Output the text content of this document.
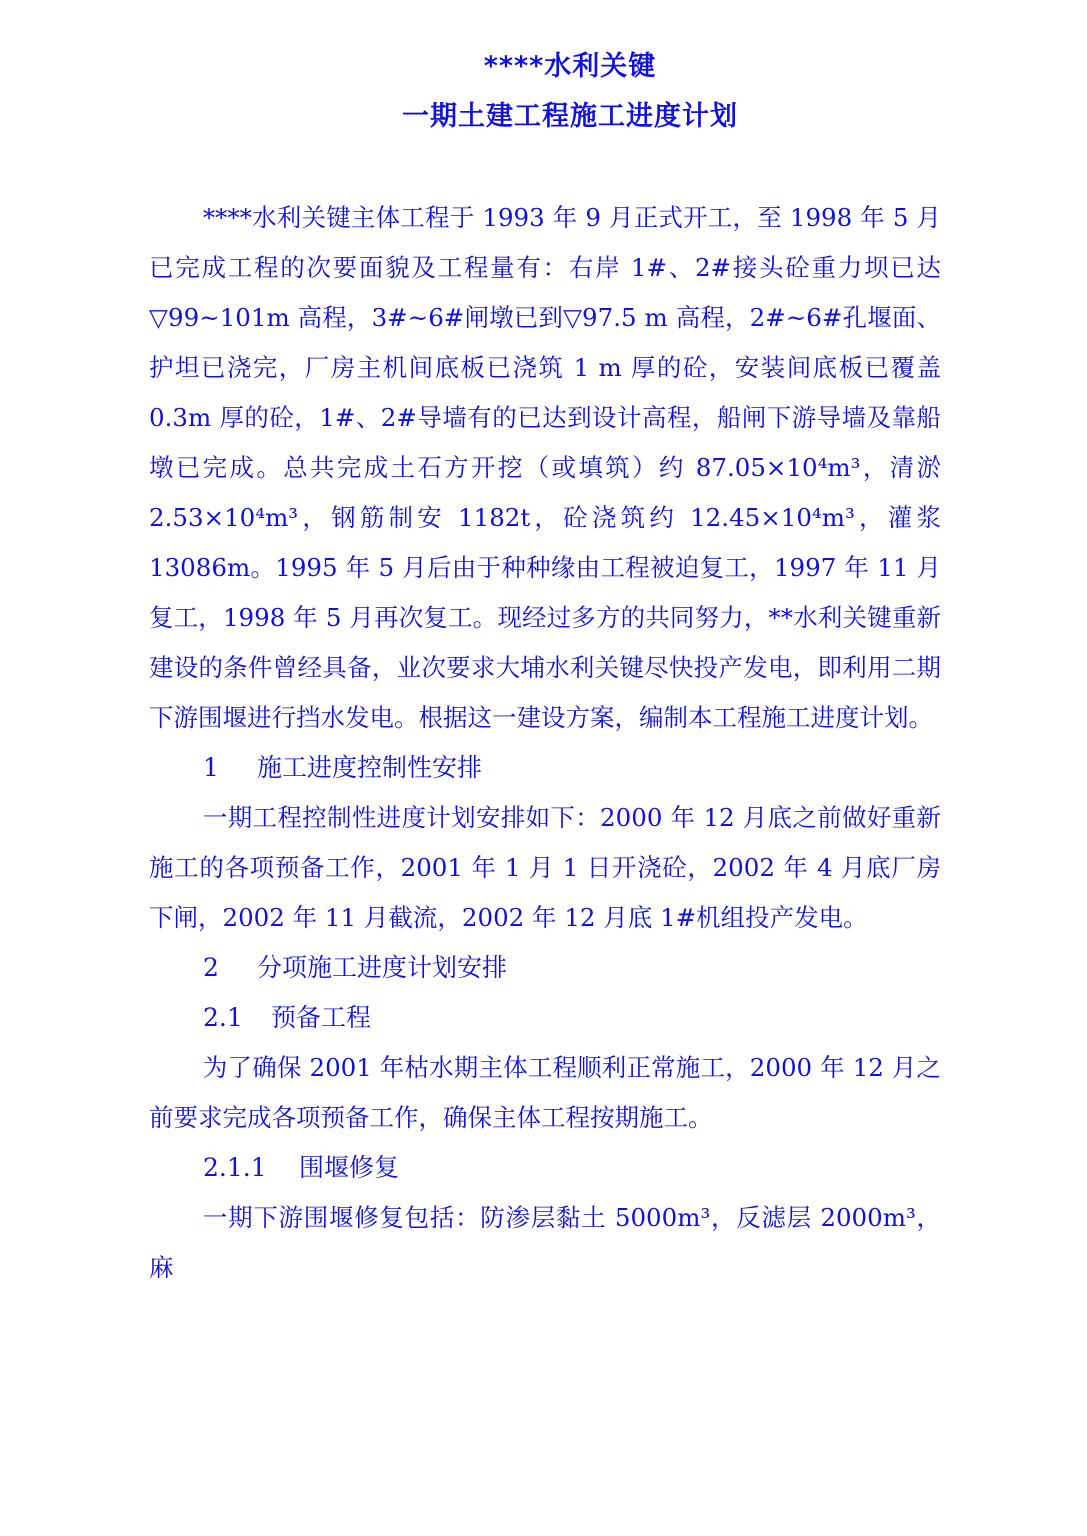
****水利关键
一期土建工程施工进度计划

****水利关键主体工程于 1993 年 9 月正式开工，至 1998 年 5 月已完成工程的次要面貌及工程量有：右岸 1#、2#接头砼重力坝已达▽99~101m 高程，3#~6#闸墩已到▽97.5 m 高程，2#~6#孔堰面、护坦已浇完，厂房主机间底板已浇筑 1 m 厚的砼，安装间底板已覆盖 0.3m 厚的砼，1#、2#导墙有的已达到设计高程，船闸下游导墙及靠船墩已完成。总共完成土石方开挖（或填筑）约 87.05×10⁴m³，清淤 2.53×10⁴m³，钢筋制安 1182t，砼浇筑约 12.45×10⁴m³，灌浆 13086m。1995 年 5 月后由于种种缘由工程被迫复工，1997 年 11 月复工，1998 年 5 月再次复工。现经过多方的共同努力，**水利关键重新建设的条件曾经具备，业次要求大埔水利关键尽快投产发电，即利用二期下游围堰进行挡水发电。根据这一建设方案，编制本工程施工进度计划。

1 施工进度控制性安排

一期工程控制性进度计划安排如下：2000 年 12 月底之前做好重新施工的各项预备工作，2001 年 1 月 1 日开浇砼，2002 年 4 月底厂房下闸，2002 年 11 月截流，2002 年 12 月底 1#机组投产发电。

2 分项施工进度计划安排
2.1 预备工程

为了确保 2001 年枯水期主体工程顺利正常施工，2000 年 12 月之前要求完成各项预备工作，确保主体工程按期施工。

2.1.1 围堰修复

一期下游围堰修复包括：防渗层黏土 5000m³，反滤层 2000m³，麻
